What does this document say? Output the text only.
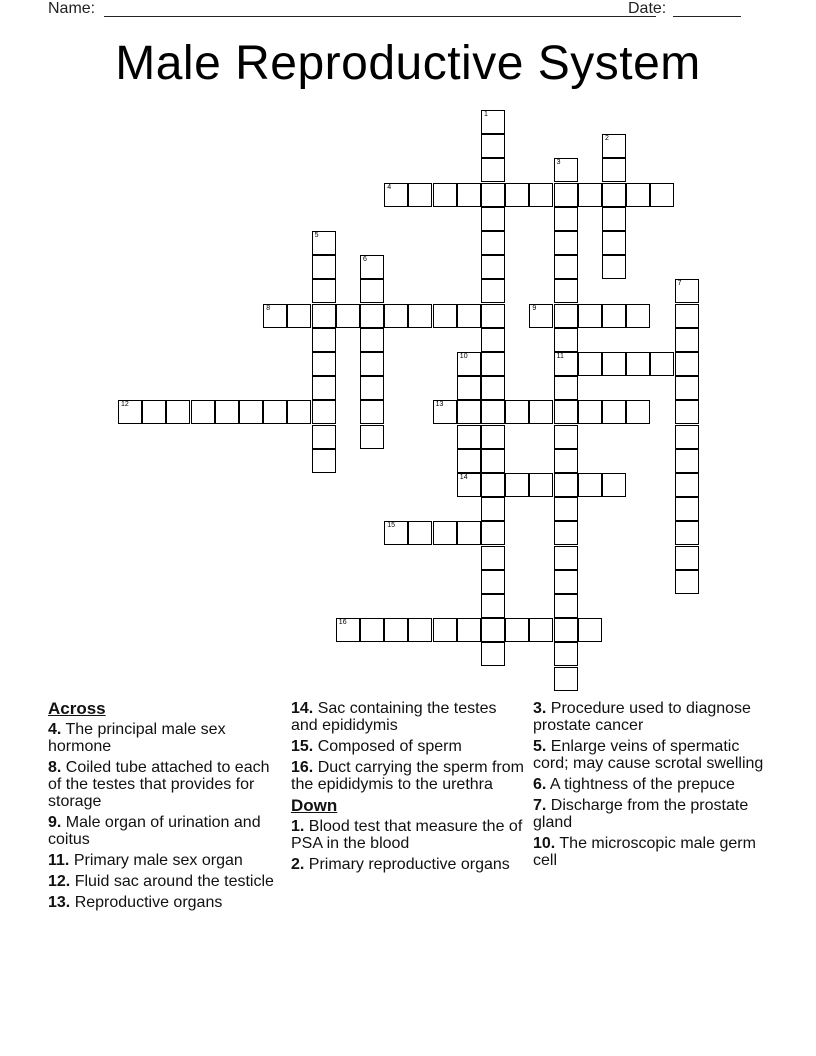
Name:	Date:
Male Reproductive System
1
2
3
11
4
5
6
7
8	9
10
12	13
14
15
16
Across
4. The principal male sex hormone
8. Coiled tube attached to each of the testes that provides for storage
9. Male organ of urination and coitus
11. Primary male sex organ
12. Fluid sac around the testicle
13. Reproductive organs
14. Sac containing the testes and epididymis
15. Composed of sperm
16. Duct carrying the sperm from the epididymis to the urethra
Down
1. Blood test that measure the of PSA in the blood
2. Primary reproductive organs
3. Procedure used to diagnose prostate cancer
5. Enlarge veins of spermatic cord; may cause scrotal swelling
6. A tightness of the prepuce
7. Discharge from the prostate gland
10. The microscopic male germ cell
